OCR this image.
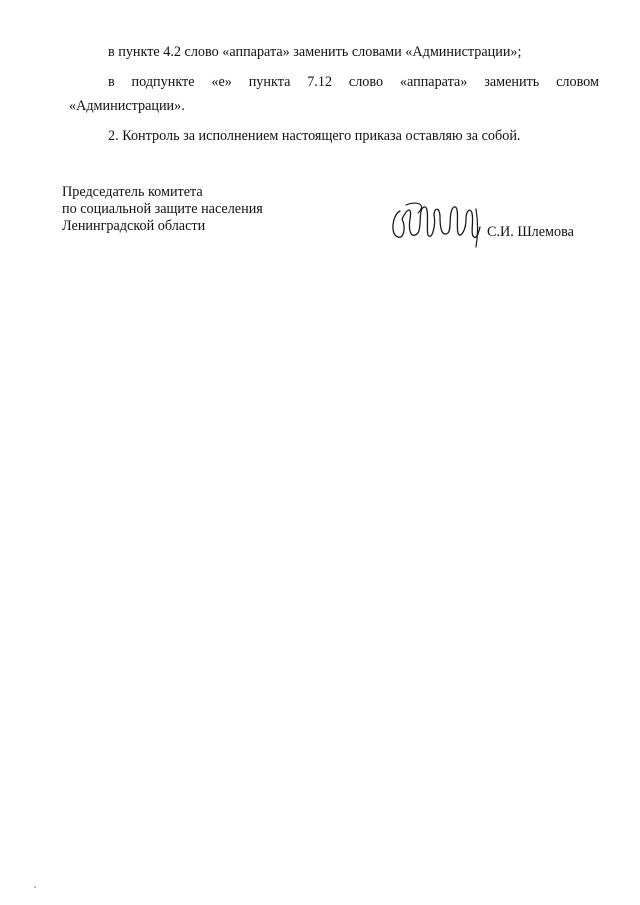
в пункте 4.2 слово «аппарата» заменить словами «Администрации»;
в подпункте «е» пункта 7.12 слово «аппарата» заменить словом
«Администрации».
2. Контроль за исполнением настоящего приказа оставляю за собой.
Председатель комитета
по социальной защите населения
Ленинградской области	С.И. Шлемова
